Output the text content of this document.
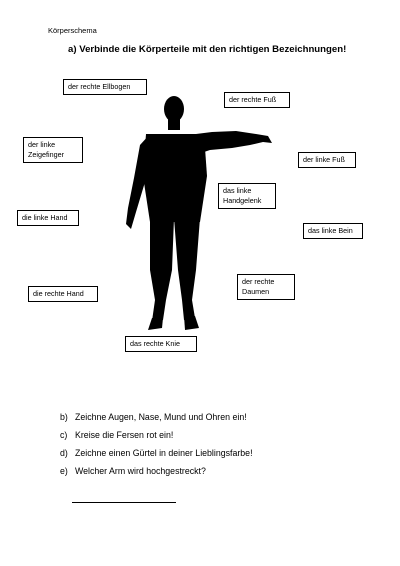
Körperschema
a) Verbinde die Körperteile mit den richtigen Bezeichnungen!
der rechte Ellbogen
der rechte Fuß
der linke Zeigefinger
der linke Fuß
das linke Handgelenk
die linke Hand
das linke Bein
der rechte Daumen
die rechte Hand
das rechte Knie
b) Zeichne Augen, Nase, Mund und Ohren ein!
c) Kreise die Fersen rot ein!
d) Zeichne einen Gürtel in deiner Lieblingsfarbe!
e) Welcher Arm wird hochgestreckt?
